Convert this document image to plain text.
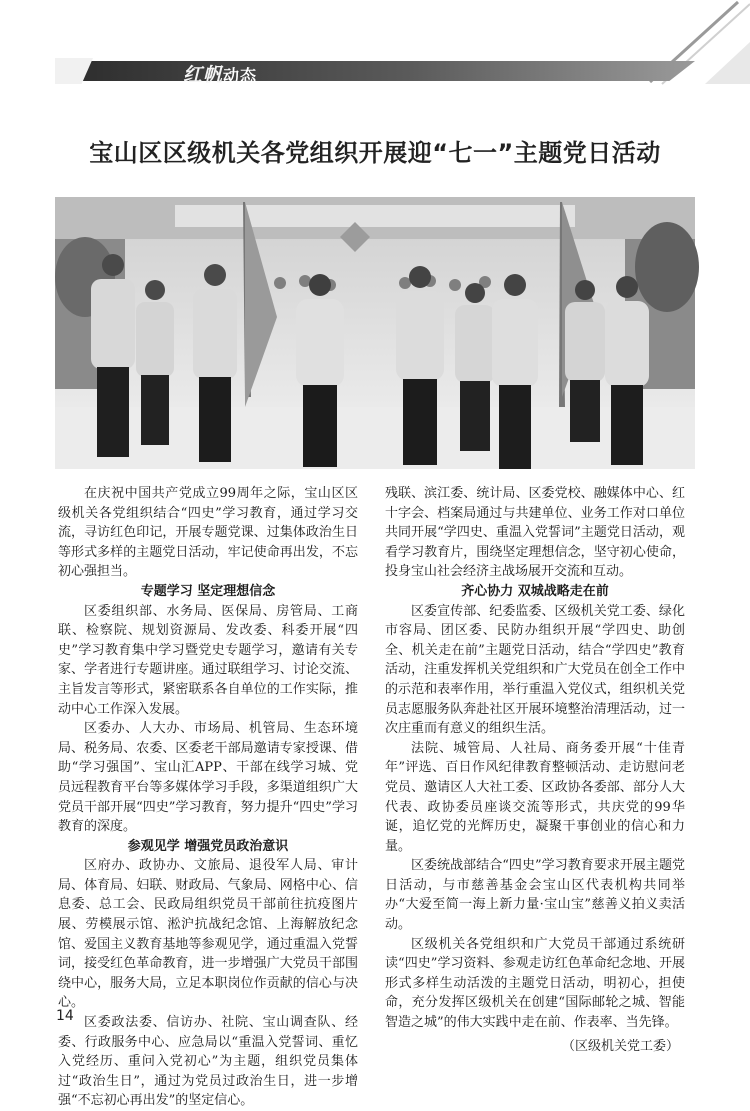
红帆动态
宝山区区级机关各党组织开展迎“七一”主题党日活动

在庆祝中国共产党成立99周年之际，宝山区区级机关各党组织结合“四史”学习教育，通过学习交流，寻访红色印记，开展专题党课、过集体政治生日等形式多样的主题党日活动，牢记使命再出发，不忘初心强担当。

专题学习 坚定理想信念

区委组织部、水务局、医保局、房管局、工商联、检察院、规划资源局、发改委、科委开展“四史”学习教育集中学习暨党史专题学习，邀请有关专家、学者进行专题讲座。通过联组学习、讨论交流、主旨发言等形式，紧密联系各自单位的工作实际，推动中心工作深入发展。

区委办、人大办、市场局、机管局、生态环境局、税务局、农委、区委老干部局邀请专家授课、借助“学习强国”、宝山汇APP、干部在线学习城、党员远程教育平台等多媒体学习手段，多渠道组织广大党员干部开展“四史”学习教育，努力提升“四史”学习教育的深度。

参观见学 增强党员政治意识

区府办、政协办、文旅局、退役军人局、审计局、体育局、妇联、财政局、气象局、网格中心、信息委、总工会、民政局组织党员干部前往抗疫图片展、劳模展示馆、淞沪抗战纪念馆、上海解放纪念馆、爱国主义教育基地等参观见学，通过重温入党誓词，接受红色革命教育，进一步增强广大党员干部围绕中心，服务大局，立足本职岗位作贡献的信心与决心。

区委政法委、信访办、社院、宝山调查队、经委、行政服务中心、应急局以“重温入党誓词、重忆入党经历、重问入党初心”为主题，组织党员集体过“政治生日”，通过为党员过政治生日，进一步增强“不忘初心再出发”的坚定信心。

残联、滨江委、统计局、区委党校、融媒体中心、红十字会、档案局通过与共建单位、业务工作对口单位共同开展“学四史、重温入党誓词”主题党日活动，观看学习教育片，围绕坚定理想信念，坚守初心使命，投身宝山社会经济主战场展开交流和互动。

齐心协力 双城战略走在前

区委宣传部、纪委监委、区级机关党工委、绿化市容局、团区委、民防办组织开展“学四史、助创全、机关走在前”主题党日活动，结合“学四史”教育活动，注重发挥机关党组织和广大党员在创全工作中的示范和表率作用，举行重温入党仪式，组织机关党员志愿服务队奔赴社区开展环境整治清理活动，过一次庄重而有意义的组织生活。

法院、城管局、人社局、商务委开展“十佳青年”评选、百日作风纪律教育整顿活动、走访慰问老党员、邀请区人大社工委、区政协各委部、部分人大代表、政协委员座谈交流等形式，共庆党的99华诞，追忆党的光辉历史，凝聚干事创业的信心和力量。

区委统战部结合“四史”学习教育要求开展主题党日活动，与市慈善基金会宝山区代表机构共同举办“大爱至简一海上新力量·宝山宝”慈善义拍义卖活动。

区级机关各党组织和广大党员干部通过系统研读“四史”学习资料、参观走访红色革命纪念地、开展形式多样生动活泼的主题党日活动，明初心，担使命，充分发挥区级机关在创建“国际邮轮之城、智能智造之城”的伟大实践中走在前、作表率、当先锋。

（区级机关党工委）
14
